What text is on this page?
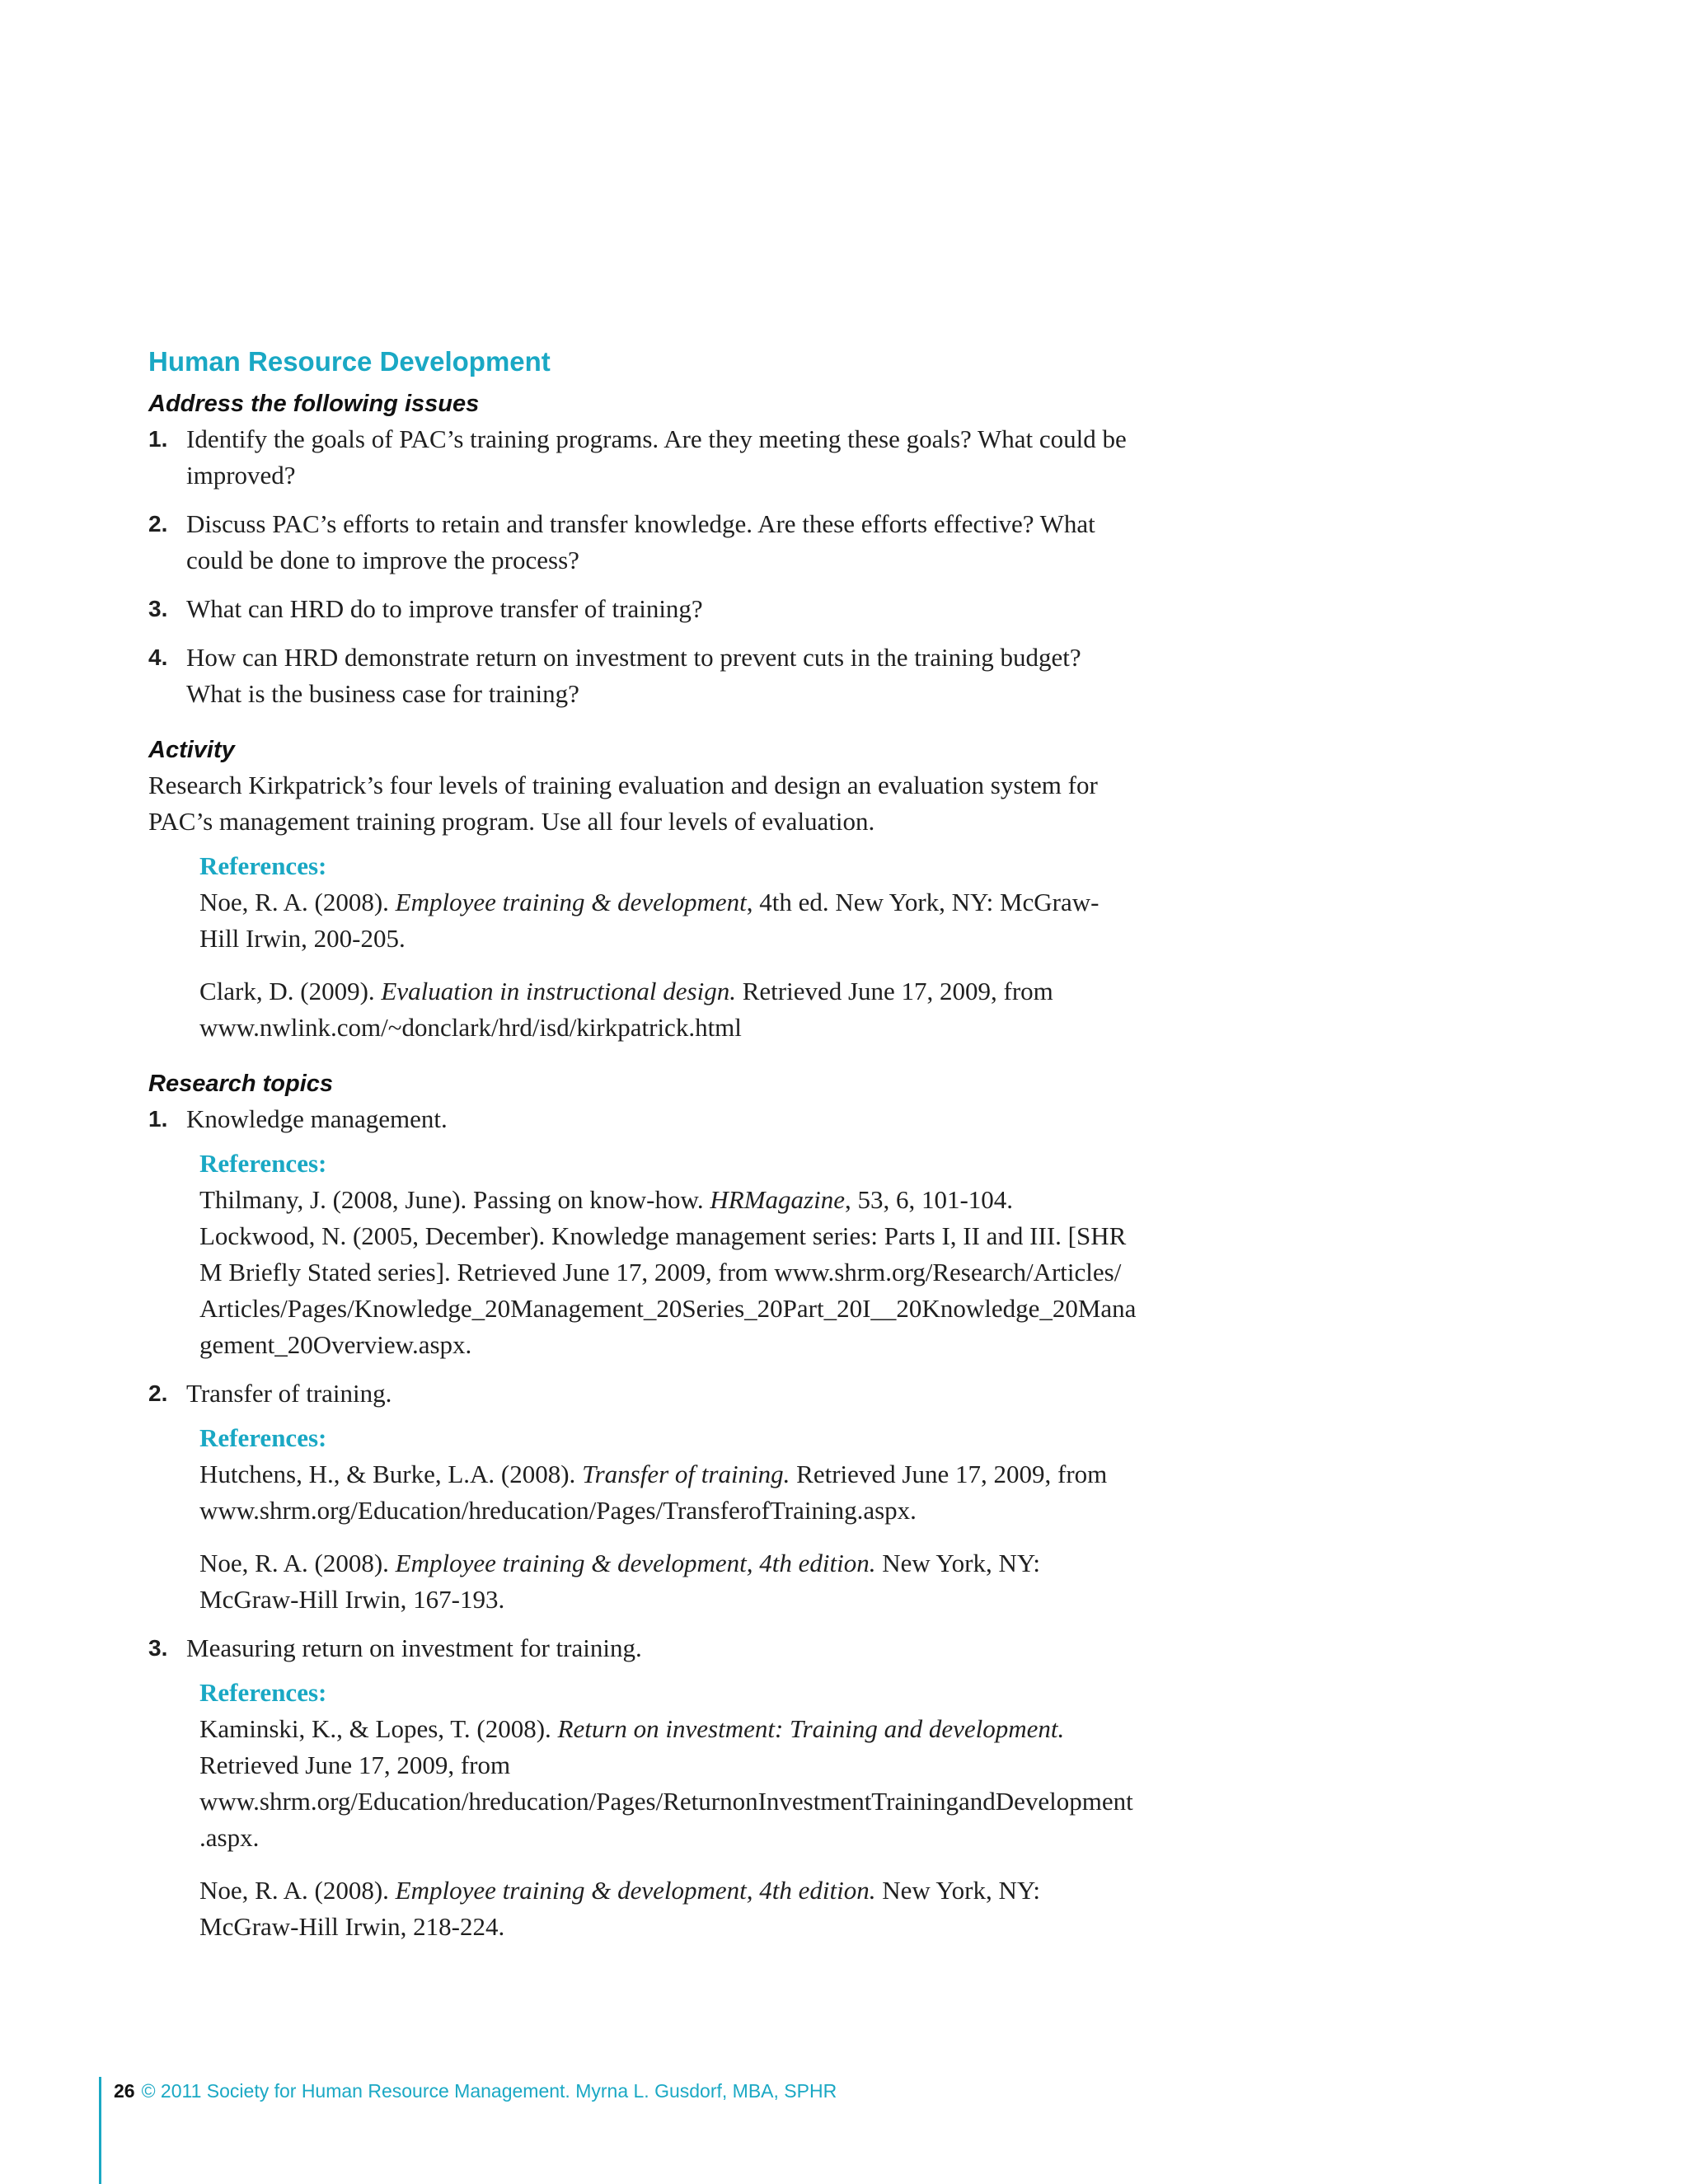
Human Resource Development
Address the following issues
1. Identify the goals of PAC’s training programs. Are they meeting these goals? What could be improved?
2. Discuss PAC’s efforts to retain and transfer knowledge. Are these efforts effective? What could be done to improve the process?
3. What can HRD do to improve transfer of training?
4. How can HRD demonstrate return on investment to prevent cuts in the training budget? What is the business case for training?
Activity
Research Kirkpatrick’s four levels of training evaluation and design an evaluation system for PAC’s management training program. Use all four levels of evaluation.
References:
Noe, R. A. (2008). Employee training & development, 4th ed. New York, NY: McGraw-Hill Irwin, 200-205.
Clark, D. (2009). Evaluation in instructional design. Retrieved June 17, 2009, from www.nwlink.com/~donclark/hrd/isd/kirkpatrick.html
Research topics
1. Knowledge management.
References:
Thilmany, J. (2008, June). Passing on know-how. HRMagazine, 53, 6, 101-104.
Lockwood, N. (2005, December). Knowledge management series: Parts I, II and III. [SHRM Briefly Stated series]. Retrieved June 17, 2009, from www.shrm.org/Research/Articles/Articles/Pages/Knowledge_20Management_20Series_20Part_20I__20Knowledge_20Management_20Overview.aspx.
2. Transfer of training.
References:
Hutchens, H., & Burke, L.A. (2008). Transfer of training. Retrieved June 17, 2009, from www.shrm.org/Education/hreducation/Pages/TransferofTraining.aspx.
Noe, R. A. (2008). Employee training & development, 4th edition. New York, NY: McGraw-Hill Irwin, 167-193.
3. Measuring return on investment for training.
References:
Kaminski, K., & Lopes, T. (2008). Return on investment: Training and development. Retrieved June 17, 2009, from www.shrm.org/Education/hreducation/Pages/ReturnonInvestmentTrainingandDevelopment.aspx.
Noe, R. A. (2008). Employee training & development, 4th edition. New York, NY: McGraw-Hill Irwin, 218-224.
26 © 2011 Society for Human Resource Management. Myrna L. Gusdorf, MBA, SPHR
